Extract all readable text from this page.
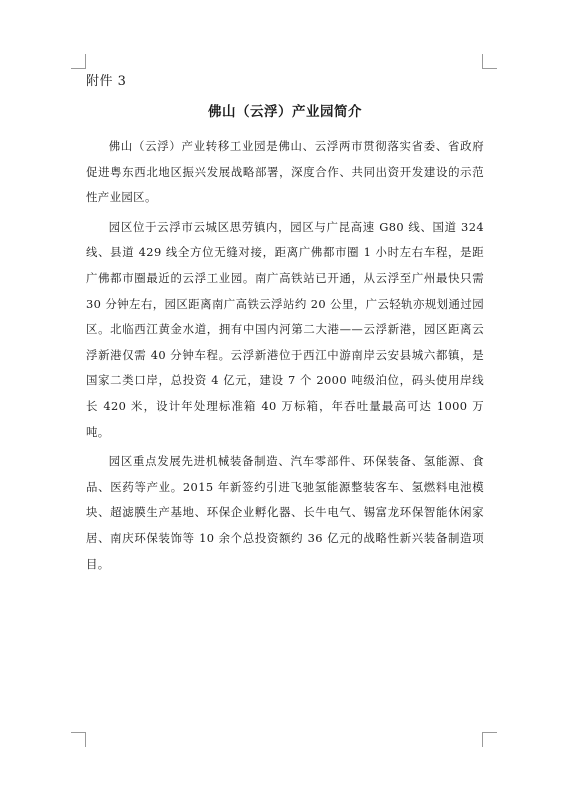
附件 3

佛山（云浮）产业园简介

佛山（云浮）产业转移工业园是佛山、云浮两市贯彻落实省委、省政府促进粤东西北地区振兴发展战略部署，深度合作、共同出资开发建设的示范性产业园区。

园区位于云浮市云城区思劳镇内，园区与广昆高速 G80 线、国道 324 线、县道 429 线全方位无缝对接，距离广佛都市圈 1 小时左右车程，是距广佛都市圈最近的云浮工业园。南广高铁站已开通，从云浮至广州最快只需 30 分钟左右，园区距离南广高铁云浮站约 20 公里，广云轻轨亦规划通过园区。北临西江黄金水道，拥有中国内河第二大港——云浮新港，园区距离云浮新港仅需 40 分钟车程。云浮新港位于西江中游南岸云安县城六都镇，是国家二类口岸，总投资 4 亿元，建设 7 个 2000 吨级泊位，码头使用岸线长 420 米，设计年处理标准箱 40 万标箱，年吞吐量最高可达 1000 万吨。

园区重点发展先进机械装备制造、汽车零部件、环保装备、氢能源、食品、医药等产业。2015 年新签约引进飞驰氢能源整装客车、氢燃料电池模块、超滤膜生产基地、环保企业孵化器、长牛电气、锡富龙环保智能休闲家居、南庆环保装饰等 10 余个总投资额约 36 亿元的战略性新兴装备制造项目。
